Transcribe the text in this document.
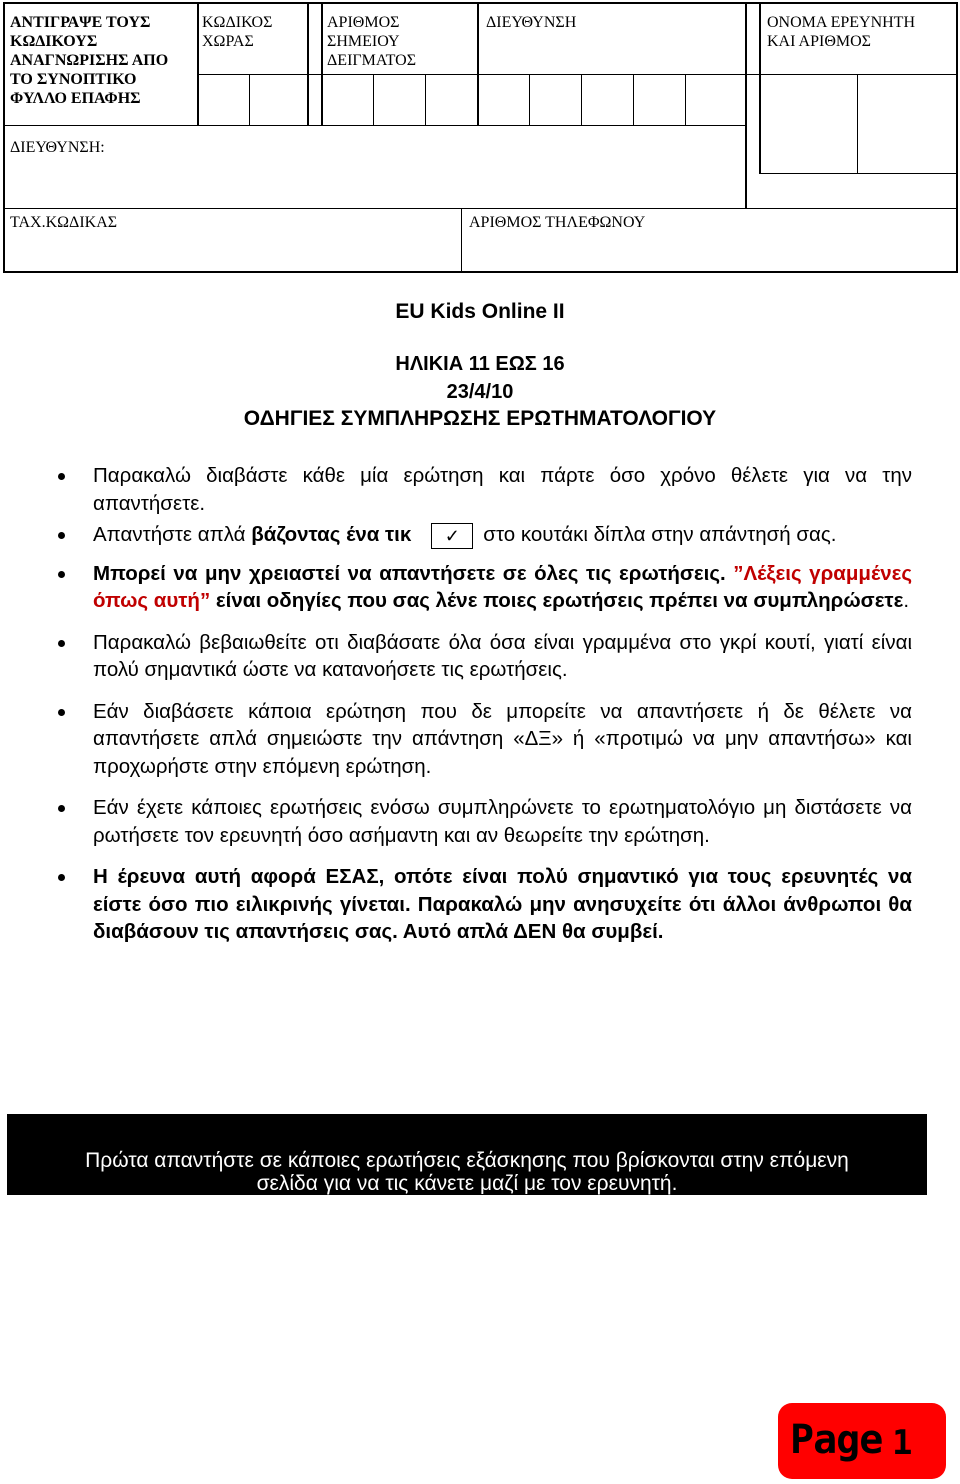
ΑΝΤΙΓΡΑΨΕ ΤΟΥΣ
ΚΩΔΙΚΟΥΣ
ΑΝΑΓΝΩΡΙΣΗΣ ΑΠΟ
ΤΟ ΣΥΝΟΠΤΙΚΟ
ΦΥΛΛΟ ΕΠΑΦΗΣ
ΚΩΔΙΚΟΣ
ΧΩΡΑΣ
ΑΡΙΘΜΟΣ
ΣΗΜΕΙΟΥ
ΔΕΙΓΜΑΤΟΣ
ΔΙΕΥΘΥΝΣΗ	ΟΝΟΜΑ ΕΡΕΥΝΗΤΗ
ΚΑΙ ΑΡΙΘΜΟΣ
ΔΙΕΥΘΥΝΣΗ:
ΤΑΧ.ΚΩΔΙΚΑΣ	ΑΡΙΘΜΟΣ ΤΗΛΕΦΩΝΟΥ
EU Kids Online II
ΗΛΙΚΙΑ 11 ΕΩΣ 16
23/4/10
ΟΔΗΓΙΕΣ ΣΥΜΠΛΗΡΩΣΗΣ ΕΡΩΤΗΜΑΤΟΛΟΓΙΟΥ
Παρακαλώ διαβάστε κάθε μία ερώτηση και πάρτε όσο χρόνο θέλετε για να την απαντήσετε.
Απαντήστε απλά βάζοντας ένα τικ ✓ στο κουτάκι δίπλα στην απάντησή σας.
Μπορεί να μην χρειαστεί να απαντήσετε σε όλες τις ερωτήσεις. ”Λέξεις γραμμένες όπως αυτή” είναι οδηγίες που σας λένε ποιες ερωτήσεις πρέπει να συμπληρώσετε.
Παρακαλώ βεβαιωθείτε οτι διαβάσατε όλα όσα είναι γραμμένα στο γκρί κουτί, γιατί είναι πολύ σημαντικά ώστε να κατανοήσετε τις ερωτήσεις.
Εάν διαβάσετε κάποια ερώτηση που δε μπορείτε να απαντήσετε ή δε θέλετε να απαντήσετε απλά σημειώστε την απάντηση «ΔΞ» ή «προτιμώ να μην απαντήσω» και προχωρήστε στην επόμενη ερώτηση.
Εάν έχετε κάποιες ερωτήσεις ενόσω συμπληρώνετε το ερωτηματολόγιο μη διστάσετε να ρωτήσετε τον ερευνητή όσο ασήμαντη και αν θεωρείτε την ερώτηση.
Η έρευνα αυτή αφορά ΕΣΑΣ, οπότε είναι πολύ σημαντικό για τους ερευνητές να είστε όσο πιο ειλικρινής γίνεται. Παρακαλώ μην ανησυχείτε ότι άλλοι άνθρωποι θα διαβάσουν τις απαντήσεις σας. Αυτό απλά ΔΕΝ θα συμβεί.
Πρώτα απαντήστε σε κάποιες ερωτήσεις εξάσκησης που βρίσκονται στην επόμενη
σελίδα για να τις κάνετε μαζί με τον ερευνητή.
Page 1
